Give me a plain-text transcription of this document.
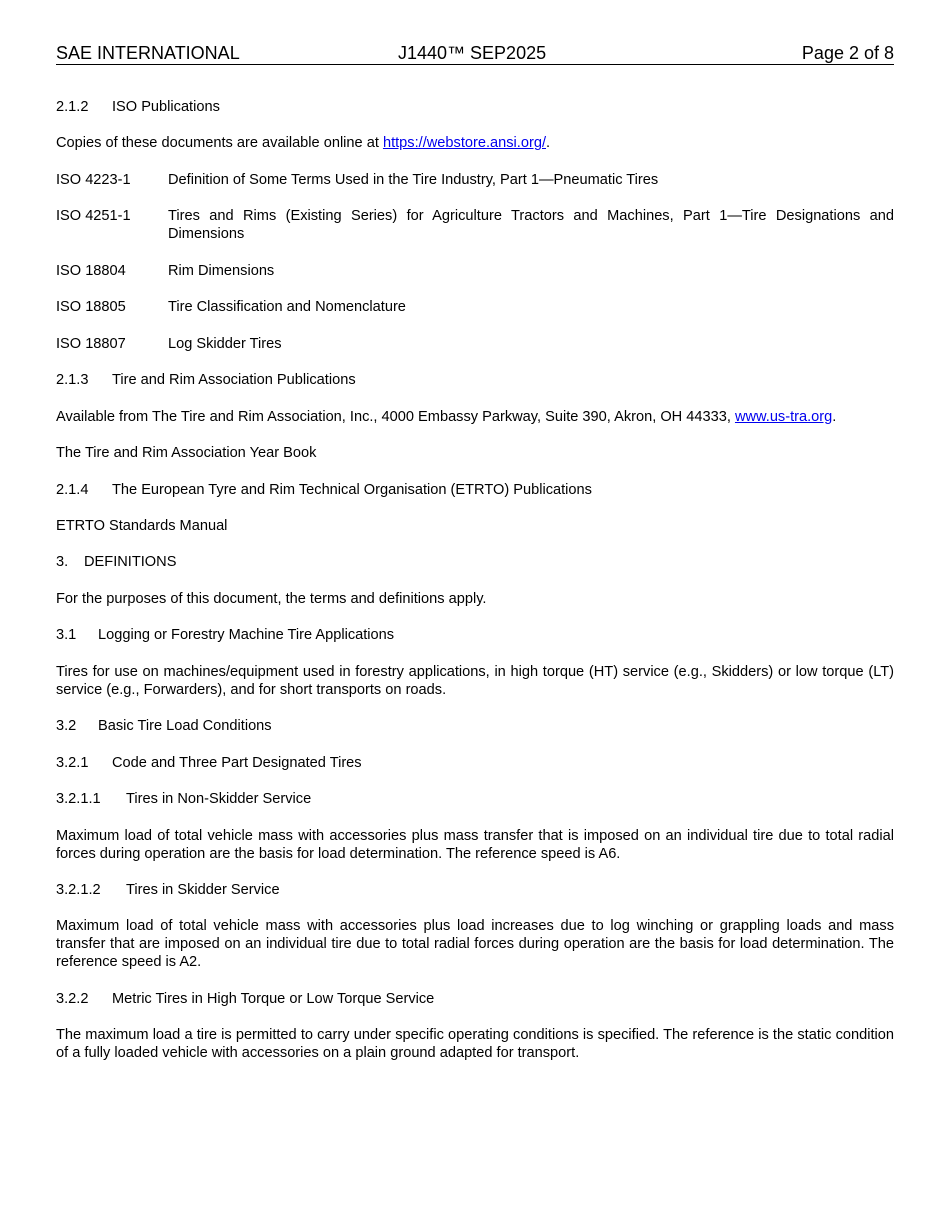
SAE INTERNATIONAL	J1440™ SEP2025	Page 2 of 8

2.1.2 ISO Publications

Copies of these documents are available online at https://webstore.ansi.org/.

ISO 4223-1	Definition of Some Terms Used in the Tire Industry, Part 1—Pneumatic Tires
ISO 4251-1	Tires and Rims (Existing Series) for Agriculture Tractors and Machines, Part 1—Tire Designations and Dimensions
ISO 18804	Rim Dimensions
ISO 18805	Tire Classification and Nomenclature
ISO 18807	Log Skidder Tires

2.1.3 Tire and Rim Association Publications

Available from The Tire and Rim Association, Inc., 4000 Embassy Parkway, Suite 390, Akron, OH 44333, www.us-tra.org.

The Tire and Rim Association Year Book

2.1.4 The European Tyre and Rim Technical Organisation (ETRTO) Publications

ETRTO Standards Manual

3. DEFINITIONS

For the purposes of this document, the terms and definitions apply.

3.1 Logging or Forestry Machine Tire Applications

Tires for use on machines/equipment used in forestry applications, in high torque (HT) service (e.g., Skidders) or low torque (LT) service (e.g., Forwarders), and for short transports on roads.

3.2 Basic Tire Load Conditions

3.2.1 Code and Three Part Designated Tires

3.2.1.1 Tires in Non-Skidder Service

Maximum load of total vehicle mass with accessories plus mass transfer that is imposed on an individual tire due to total radial forces during operation are the basis for load determination. The reference speed is A6.

3.2.1.2 Tires in Skidder Service

Maximum load of total vehicle mass with accessories plus load increases due to log winching or grappling loads and mass transfer that are imposed on an individual tire due to total radial forces during operation are the basis for load determination. The reference speed is A2.

3.2.2 Metric Tires in High Torque or Low Torque Service

The maximum load a tire is permitted to carry under specific operating conditions is specified. The reference is the static condition of a fully loaded vehicle with accessories on a plain ground adapted for transport.
